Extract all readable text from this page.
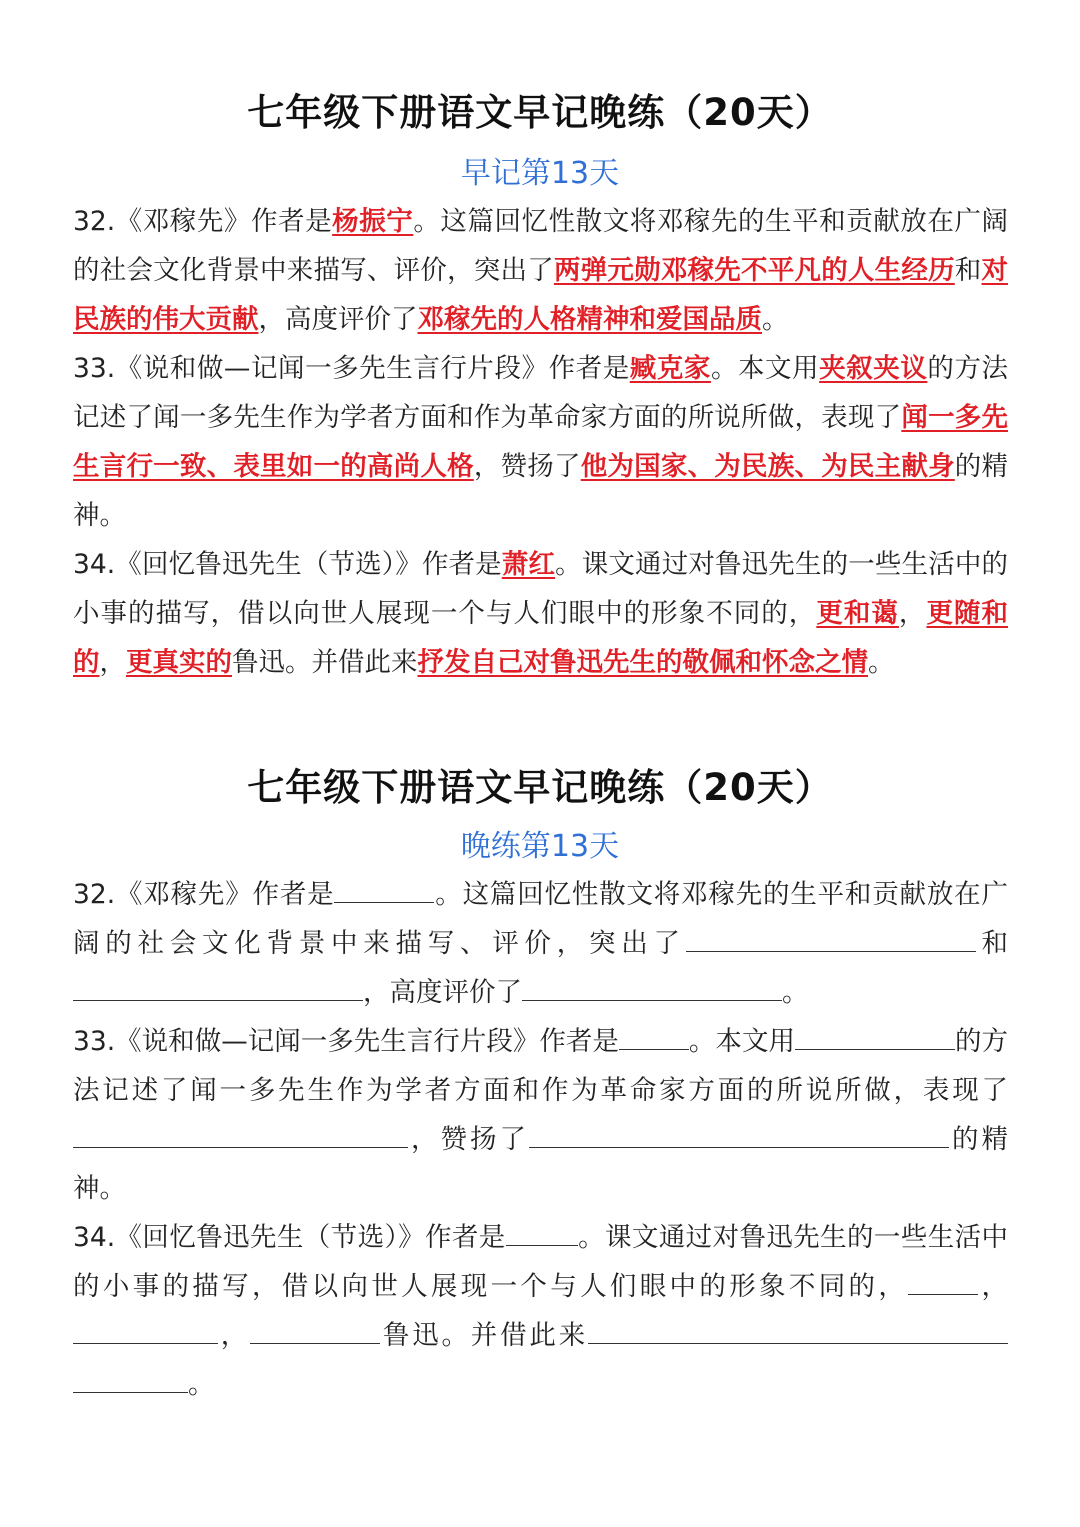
七年级下册语文早记晚练（20天）
早记第13天

32.《邓稼先》作者是杨振宁。这篇回忆性散文将邓稼先的生平和贡献放在广阔的社会文化背景中来描写、评价，突出了两弹元勋邓稼先不平凡的人生经历和对民族的伟大贡献，高度评价了邓稼先的人格精神和爱国品质。

33.《说和做—记闻一多先生言行片段》作者是臧克家。本文用夹叙夹议的方法记述了闻一多先生作为学者方面和作为革命家方面的所说所做，表现了闻一多先生言行一致、表里如一的高尚人格，赞扬了他为国家、为民族、为民主献身的精神。

34.《回忆鲁迅先生（节选）》作者是萧红。课文通过对鲁迅先生的一些生活中的小事的描写，借以向世人展现一个与人们眼中的形象不同的，更和蔼，更随和的，更真实的鲁迅。并借此来抒发自己对鲁迅先生的敬佩和怀念之情。

七年级下册语文早记晚练（20天）
晚练第13天

32.《邓稼先》作者是	。这篇回忆性散文将邓稼先的生平和贡献放在广阔的社会文化背景中来描写、评价，突出了	和，高度评价了	。

33.《说和做—记闻一多先生言行片段》作者是	。本文用	的方法记述了闻一多先生作为学者方面和作为革命家方面的所说所做，表现了，赞扬了	的精神。

34.《回忆鲁迅先生（节选）》作者是	。课文通过对鲁迅先生的一些生活中的小事的描写，借以向世人展现一个与人们眼中的形象不同的，	，，	鲁迅。并借此来。
